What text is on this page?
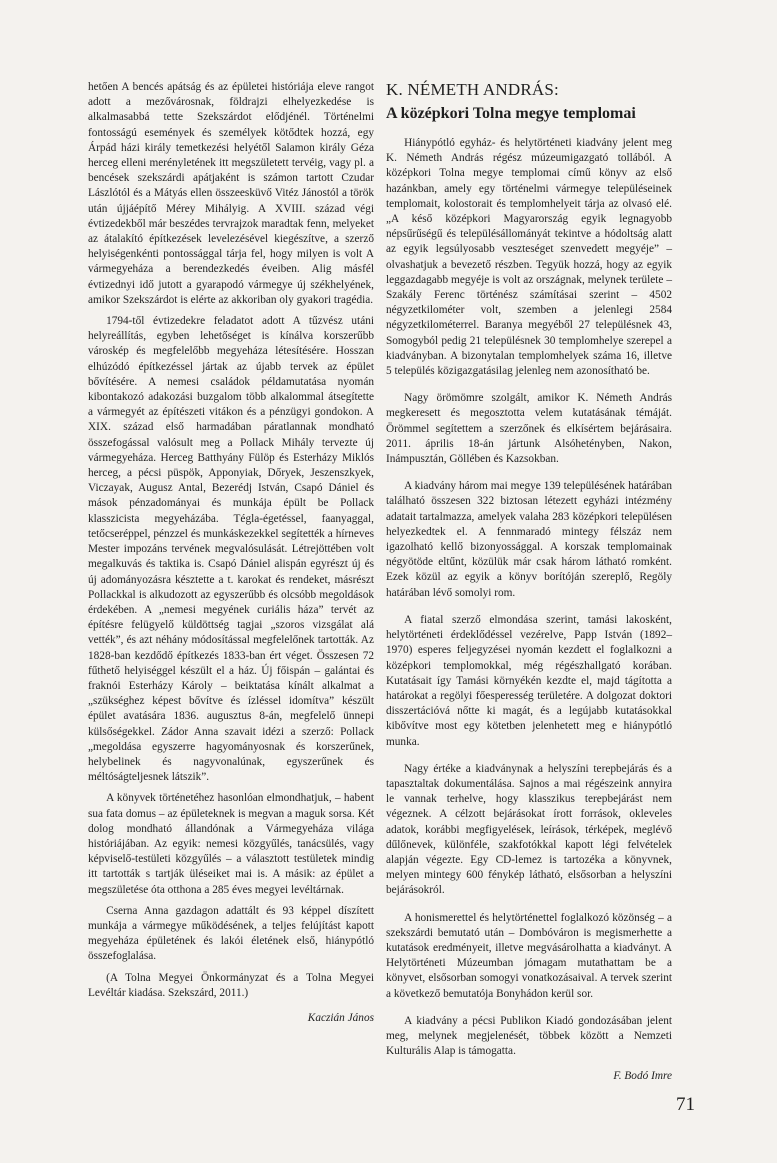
hetően A bencés apátság és az épületei históriája eleve rangot adott a mezővárosnak, földrajzi elhelyezkedése is alkalmasabbá tette Szekszárdot elődjénél. Történelmi fontosságú események és személyek kötődtek hozzá, egy Árpád házi király temetkezési helyétől Salamon király Géza herceg elleni merényletének itt megszületett tervéig, vagy pl. a bencések szekszárdi apátjaként is számon tartott Czudar Lászlótól és a Mátyás ellen összeesküvő Vitéz Jánostól a török után újjáépítő Mérey Mihályig. A XVIII. század végi évtizedekből már beszédes tervrajzok maradtak fenn, melyeket az átalakító építkezések levelezésével kiegészítve, a szerző helyiségenkénti pontossággal tárja fel, hogy milyen is volt A vármegyeháza a berendezkedés éveiben. Alig másfél évtizednyi idő jutott a gyarapodó vármegye új székhelyének, amikor Szekszárdot is elérte az akkoriban oly gyakori tragédia.

1794-től évtizedekre feladatot adott A tűzvész utáni helyreállítás, egyben lehetőséget is kínálva korszerűbb városkép és megfelelőbb megyeháza létesítésére. Hosszan elhúzódó építkezéssel jártak az újabb tervek az épület bővítésére. A nemesi családok példamutatása nyomán kibontakozó adakozási buzgalom több alkalommal átsegítette a vármegyét az építészeti vitákon és a pénzügyi gondokon. A XIX. század első harmadában páratlannak mondható összefogással valósult meg a Pollack Mihály tervezte új vármegyeháza. Herceg Batthyány Fülöp és Esterházy Miklós herceg, a pécsi püspök, Apponyiak, Dőryek, Jeszenszkyek, Viczayak, Augusz Antal, Bezerédj István, Csapó Dániel és mások pénzadományai és munkája épült be Pollack klasszicista megyeházába. Tégla-égetéssel, faanyaggal, tetőcseréppel, pénzzel és munkáskezekkel segítették a hírneves Mester impozáns tervének megvalósulását. Létrejöttében volt megalkuvás és taktika is. Csapó Dániel alispán egyrészt új és új adományozásra késztette a t. karokat és rendeket, másrészt Pollackkal is alkudozott az egyszerűbb és olcsóbb megoldások érdekében. A „nemesi megyének curiális háza” tervét az építésre felügyelő küldöttség tagjai „szoros vizsgálat alá vették”, és azt néhány módosítással megfelelőnek tartották. Az 1828-ban kezdődő építkezés 1833-ban ért véget. Összesen 72 fűthető helyiséggel készült el a ház. Új főispán – galántai és fraknói Esterházy Károly – beiktatása kínált alkalmat a „szükséghez képest bővítve és ízléssel idomítva” készült épület avatására 1836. augusztus 8-án, megfelelő ünnepi külsőségekkel. Zádor Anna szavait idézi a szerző: Pollack „megoldása egyszerre hagyományosnak és korszerűnek, helybelinek és nagyvonalúnak, egyszerűnek és méltóságteljesnek látszik”.

A könyvek történetéhez hasonlóan elmondhatjuk, – habent sua fata domus – az épületeknek is megvan a maguk sorsa. Két dolog mondható állandónak a Vármegyeháza világa históriájában. Az egyik: nemesi közgyűlés, tanácsülés, vagy képviselő-testületi közgyűlés – a választott testületek mindig itt tartották s tartják üléseiket mai is. A másik: az épület a megszületése óta otthona a 285 éves megyei levéltárnak.

Cserna Anna gazdagon adattált és 93 képpel díszített munkája a vármegye működésének, a teljes felújítást kapott megyeháza épületének és lakói életének első, hiánypótló összefoglalása.

(A Tolna Megyei Önkormányzat és a Tolna Megyei Levéltár kiadása. Szekszárd, 2011.)

Kaczián János
K. NÉMETH ANDRÁS:
A középkori Tolna megye templomai

Hiánypótló egyház- és helytörténeti kiadvány jelent meg K. Németh András régész múzeumigazgató tollából. A középkori Tolna megye templomai című könyv az első hazánkban, amely egy történelmi vármegye településeinek templomait, kolostorait és templomhelyeit tárja az olvasó elé. „A késő középkori Magyarország egyik legnagyobb népsűrűségű és településállományát tekintve a hódoltság alatt az egyik legsúlyosabb veszteséget szenvedett megyéje” – olvashatjuk a bevezető részben. Tegyük hozzá, hogy az egyik leggazdagabb megyéje is volt az országnak, melynek területe – Szakály Ferenc történész számításai szerint – 4502 négyzetkilométer volt, szemben a jelenlegi 2584 négyzetkilométerrel. Baranya megyéből 27 településnek 43, Somogyból pedig 21 településnek 30 templomhelye szerepel a kiadványban. A bizonytalan templomhelyek száma 16, illetve 5 település közigazgatásilag jelenleg nem azonosítható be.

Nagy örömömre szolgált, amikor K. Németh András megkeresett és megosztotta velem kutatásának témáját. Örömmel segítettem a szerzőnek és elkísértem bejárásaira. 2011. április 18-án jártunk Alsóhetényben, Nakon, Inámpusztán, Göllében és Kazsokban.

A kiadvány három mai megye 139 településének határában található összesen 322 biztosan létezett egyházi intézmény adatait tartalmazza, amelyek valaha 283 középkori településen helyezkedtek el. A fennmaradó mintegy félszáz nem igazolható kellő bizonyossággal. A korszak templomainak négyötöde eltűnt, közülük már csak három látható romként. Ezek közül az egyik a könyv borítóján szereplő, Regöly határában lévő somolyi rom.

A fiatal szerző elmondása szerint, tamási lakosként, helytörténeti érdeklődéssel vezérelve, Papp István (1892–1970) esperes feljegyzései nyomán kezdett el foglalkozni a középkori templomokkal, még régészhallgató korában. Kutatásait így Tamási környékén kezdte el, majd tágította a határokat a regölyi főesperesség területére. A dolgozat doktori disszertációvá nőtte ki magát, és a legújabb kutatásokkal kibővítve most egy kötetben jelenhetett meg e hiánypótló munka.

Nagy értéke a kiadványnak a helyszíni terepbejárás és a tapasztaltak dokumentálása. Sajnos a mai régészeink annyira le vannak terhelve, hogy klasszikus terepbejárást nem végeznek. A célzott bejárásokat írott források, okleveles adatok, korábbi megfigyelések, leírások, térképek, meglévő dűlőnevek, különféle, szakfotókkal kapott légi felvételek alapján végezte. Egy CD-lemez is tartozéka a könyvnek, melyen mintegy 600 fénykép látható, elsősorban a helyszíni bejárásokról.

A honismerettel és helytörténettel foglalkozó közönség – a szekszárdi bemutató után – Dombóváron is megismerhette a kutatások eredményeit, illetve megvásárolhatta a kiadványt. A Helytörténeti Múzeumban jómagam mutathattam be a könyvet, elsősorban somogyi vonatkozásaival. A tervek szerint a következő bemutatója Bonyhádon kerül sor.

A kiadvány a pécsi Publikon Kiadó gondozásában jelent meg, melynek megjelenését, többek között a Nemzeti Kulturális Alap is támogatta.

F. Bodó Imre
71
